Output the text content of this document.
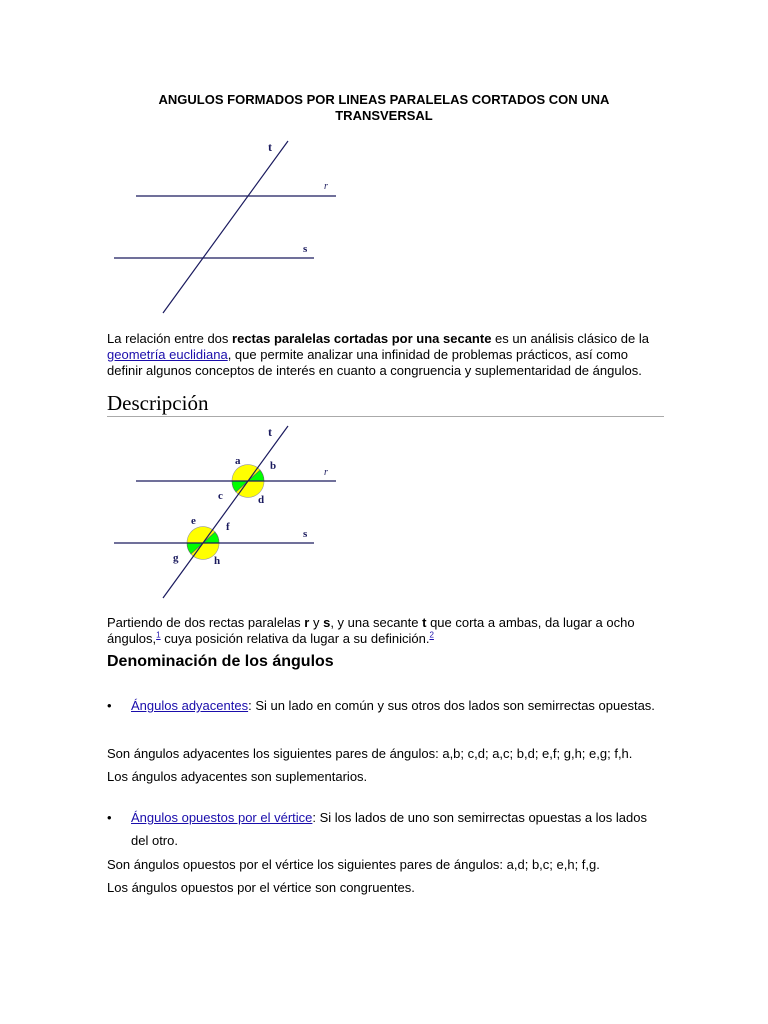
ANGULOS FORMADOS POR LINEAS PARALELAS CORTADOS CON UNA TRANSVERSAL
t
r
s
La relación entre dos rectas paralelas cortadas por una secante es un análisis clásico de la geometría euclidiana, que permite analizar una infinidad de problemas prácticos, así como definir algunos conceptos de interés en cuanto a congruencia y suplementaridad de ángulos.
Descripción
t
r
s
a	b
c	d
e	f
g	h
Partiendo de dos rectas paralelas r y s, y una secante t que corta a ambas, da lugar a ocho ángulos,$^1$ cuya posición relativa da lugar a su definición.$^2$
Denominación de los ángulos
• Ángulos adyacentes: Si un lado en común y sus otros dos lados son semirrectas opuestas.
Son ángulos adyacentes los siguientes pares de ángulos: a,b; c,d; a,c; b,d; e,f; g,h; e,g; f,h.
Los ángulos adyacentes son suplementarios.
• Ángulos opuestos por el vértice: Si los lados de uno son semirrectas opuestas a los lados del otro.
Son ángulos opuestos por el vértice los siguientes pares de ángulos: a,d; b,c; e,h; f,g.
Los ángulos opuestos por el vértice son congruentes.
